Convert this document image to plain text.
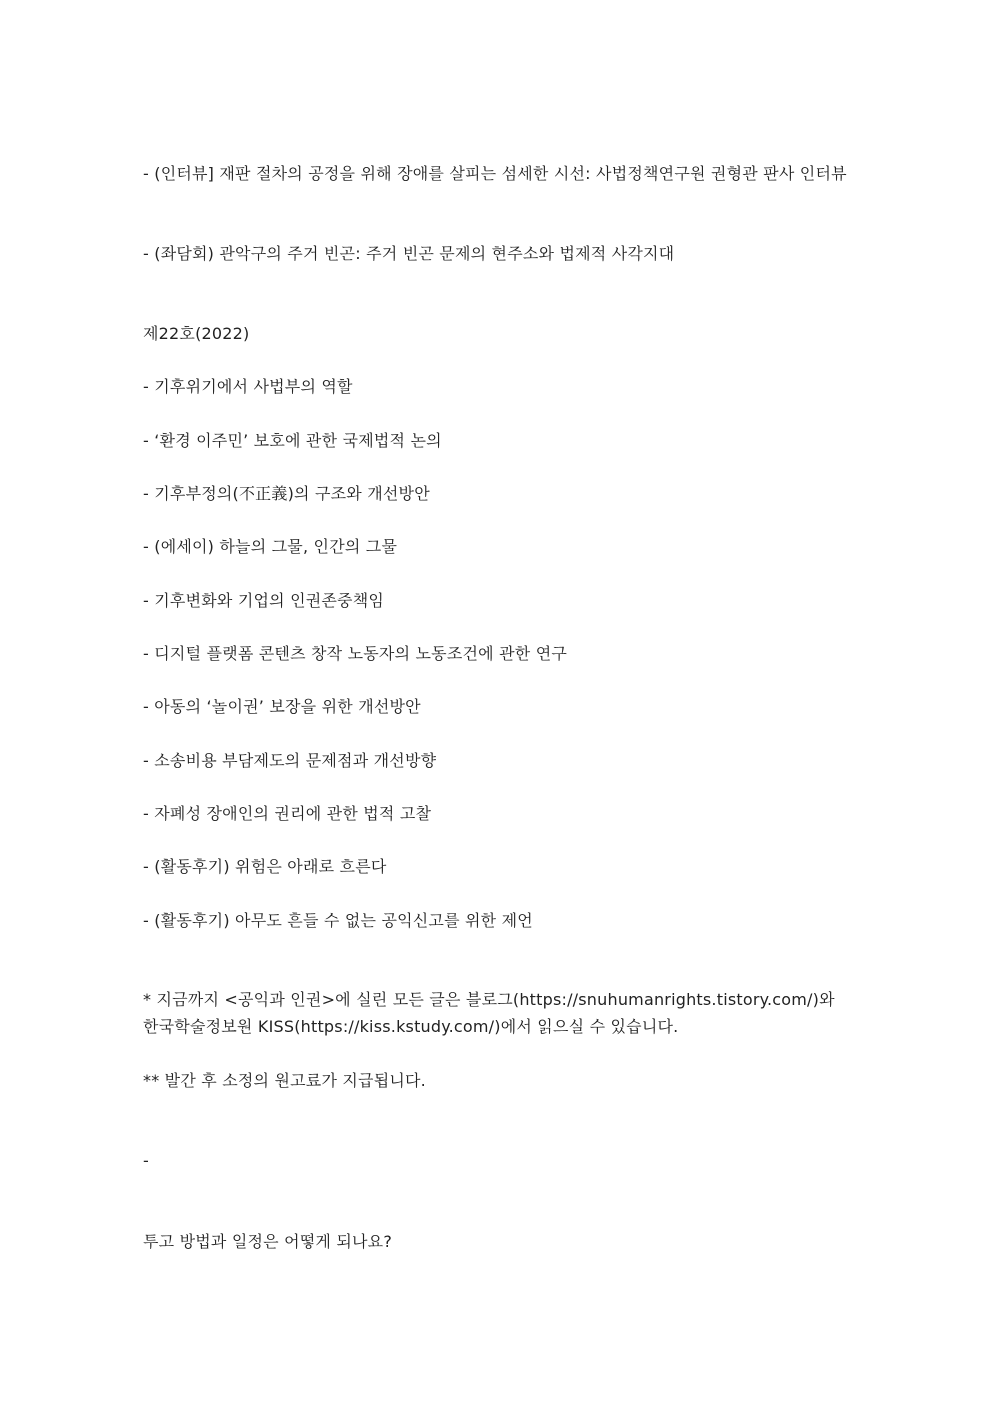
- (인터뷰] 재판 절차의 공정을 위해 장애를 살피는 섬세한 시선: 사법정책연구원 권형관 판사 인터뷰
- (좌담회) 관악구의 주거 빈곤: 주거 빈곤 문제의 현주소와 법제적 사각지대
제22호(2022)
- 기후위기에서 사법부의 역할
- ‘환경 이주민’ 보호에 관한 국제법적 논의
- 기후부정의(不正義)의 구조와 개선방안
- (에세이) 하늘의 그물, 인간의 그물
- 기후변화와 기업의 인권존중책임
- 디지털 플랫폼 콘텐츠 창작 노동자의 노동조건에 관한 연구
- 아동의 ‘놀이권’ 보장을 위한 개선방안
- 소송비용 부담제도의 문제점과 개선방향
- 자폐성 장애인의 권리에 관한 법적 고찰
- (활동후기) 위험은 아래로 흐른다
- (활동후기) 아무도 흔들 수 없는 공익신고를 위한 제언
* 지금까지 <공익과 인권>에 실린 모든 글은 블로그(https://snuhumanrights.tistory.com/)와 한국학술정보원 KISS(https://kiss.kstudy.com/)에서 읽으실 수 있습니다.
** 발간 후 소정의 원고료가 지급됩니다.
-
투고 방법과 일정은 어떻게 되나요?
